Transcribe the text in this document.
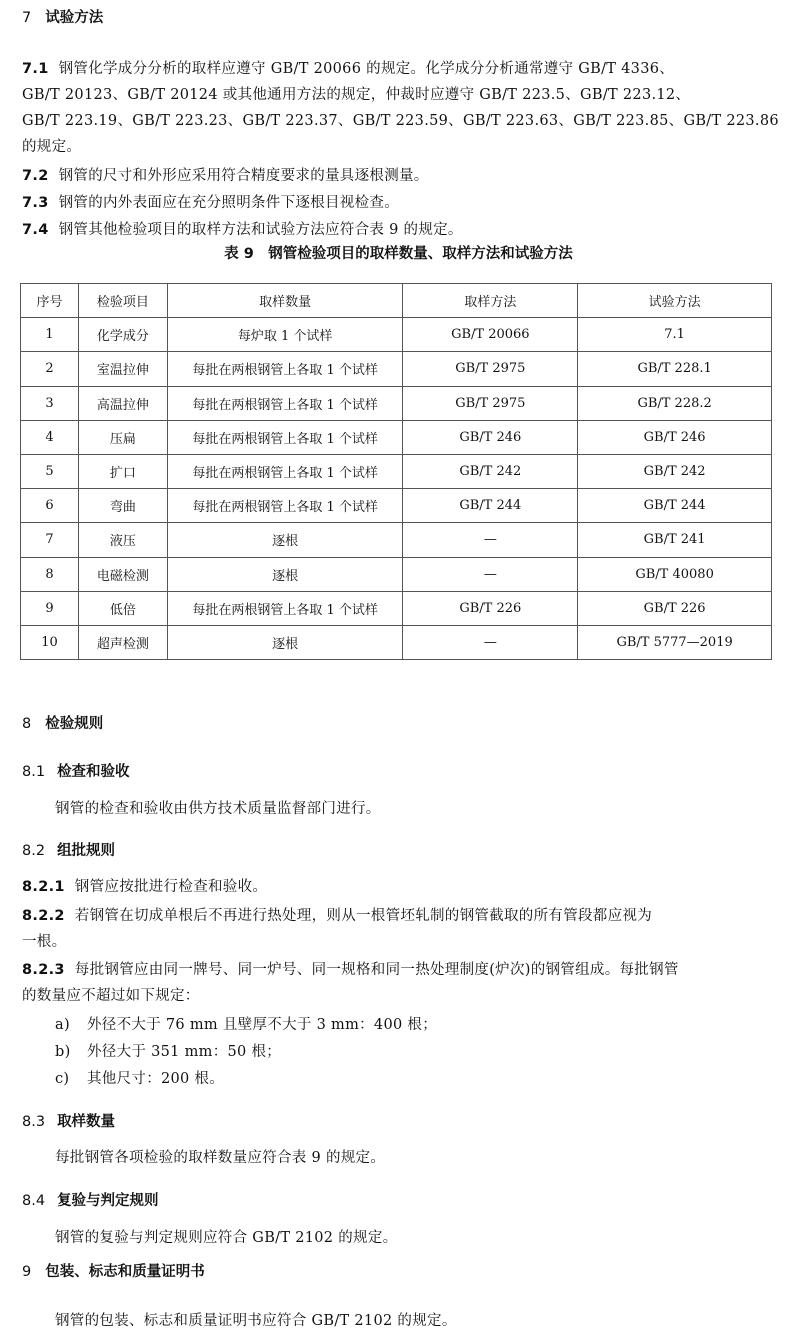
7 试验方法
7.1 钢管化学成分分析的取样应遵守 GB/T 20066 的规定。化学成分分析通常遵守 GB/T 4336、
GB/T 20123、GB/T 20124 或其他通用方法的规定，仲裁时应遵守 GB/T 223.5、GB/T 223.12、
GB/T 223.19、GB/T 223.23、GB/T 223.37、GB/T 223.59、GB/T 223.63、GB/T 223.85、GB/T 223.86
的规定。
7.2 钢管的尺寸和外形应采用符合精度要求的量具逐根测量。
7.3 钢管的内外表面应在充分照明条件下逐根目视检查。
7.4 钢管其他检验项目的取样方法和试验方法应符合表 9 的规定。
表 9　钢管检验项目的取样数量、取样方法和试验方法
序号	检验项目	取样数量	取样方法	试验方法
1	化学成分	每炉取 1 个试样	GB/T 20066	7.1
2	室温拉伸	每批在两根钢管上各取 1 个试样	GB/T 2975	GB/T 228.1
3	高温拉伸	每批在两根钢管上各取 1 个试样	GB/T 2975	GB/T 228.2
4	压扁	每批在两根钢管上各取 1 个试样	GB/T 246	GB/T 246
5	扩口	每批在两根钢管上各取 1 个试样	GB/T 242	GB/T 242
6	弯曲	每批在两根钢管上各取 1 个试样	GB/T 244	GB/T 244
7	液压	逐根	—	GB/T 241
8	电磁检测	逐根	—	GB/T 40080
9	低倍	每批在两根钢管上各取 1 个试样	GB/T 226	GB/T 226
10	超声检测	逐根	—	GB/T 5777—2019
8 检验规则
8.1 检查和验收
钢管的检查和验收由供方技术质量监督部门进行。
8.2 组批规则
8.2.1 钢管应按批进行检查和验收。
8.2.2 若钢管在切成单根后不再进行热处理，则从一根管坯轧制的钢管截取的所有管段都应视为
一根。
8.2.3 每批钢管应由同一牌号、同一炉号、同一规格和同一热处理制度(炉次)的钢管组成。每批钢管
的数量应不超过如下规定：
a) 外径不大于 76 mm 且壁厚不大于 3 mm：400 根；
b) 外径大于 351 mm：50 根；
c) 其他尺寸：200 根。
8.3 取样数量
每批钢管各项检验的取样数量应符合表 9 的规定。
8.4 复验与判定规则
钢管的复验与判定规则应符合 GB/T 2102 的规定。
9 包装、标志和质量证明书
钢管的包装、标志和质量证明书应符合 GB/T 2102 的规定。
